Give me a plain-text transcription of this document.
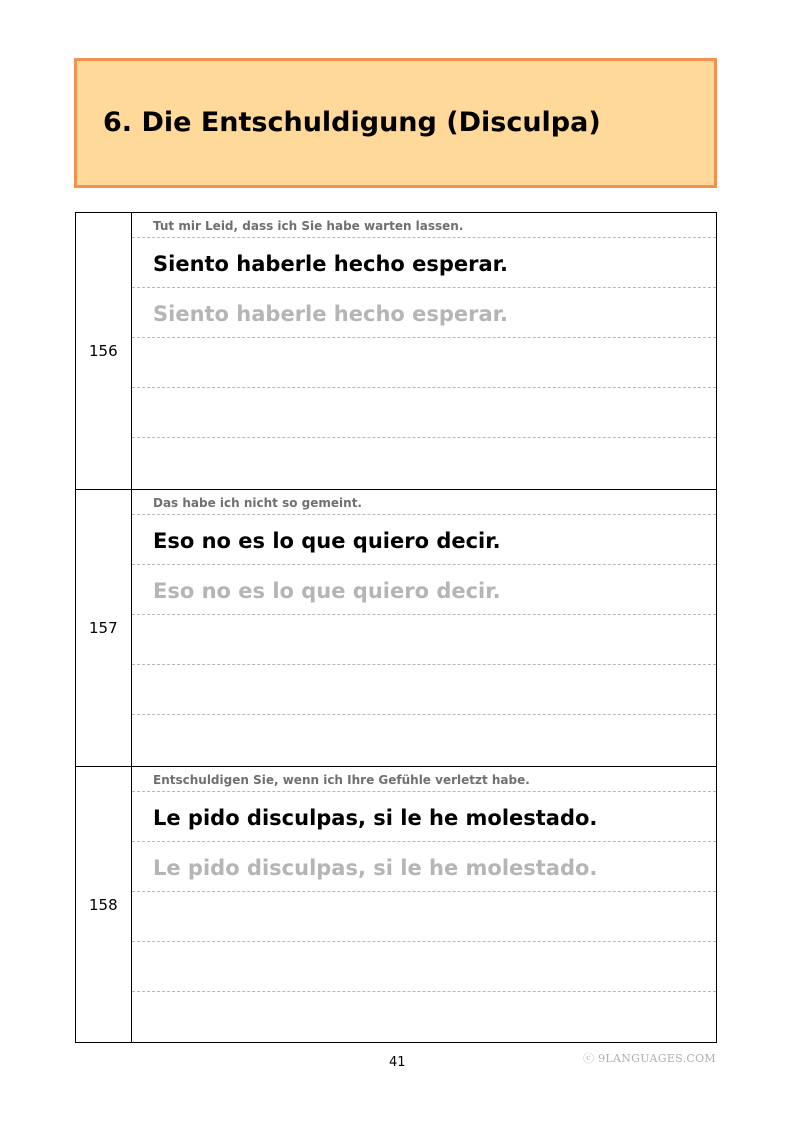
6. Die Entschuldigung (Disculpa)
156
Tut mir Leid, dass ich Sie habe warten lassen.
Siento haberle hecho esperar.
Siento haberle hecho esperar.
157
Das habe ich nicht so gemeint.
Eso no es lo que quiero decir.
Eso no es lo que quiero decir.
158
Entschuldigen Sie, wenn ich Ihre Gefühle verletzt habe.
Le pido disculpas, si le he molestado.
Le pido disculpas, si le he molestado.
41	ⓒ 9LANGUAGES.COM
